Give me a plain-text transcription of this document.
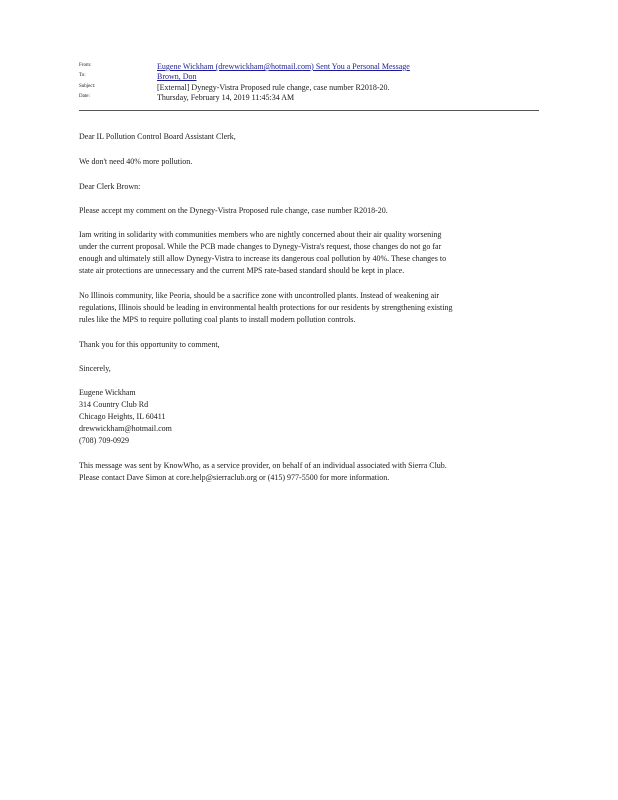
From:	Eugene Wickham (drewwickham@hotmail.com) Sent You a Personal Message
To:	Brown, Don
Subject:	[External] Dynegy-Vistra Proposed rule change, case number R2018-20.
Date:	Thursday, February 14, 2019 11:45:34 AM
Dear IL Pollution Control Board Assistant Clerk,
We don't need 40% more pollution.
Dear Clerk Brown:
Please accept my comment on the Dynegy-Vistra Proposed rule change, case number R2018-20.
Iam writing in solidarity with communities members who are nightly concerned about their air quality worsening
under the current proposal. While the PCB made changes to Dynegy-Vistra's request, those changes do not go far
enough and ultimately still allow Dynegy-Vistra to increase its dangerous coal pollution by 40%. These changes to
state air protections are unnecessary and the current MPS rate-based standard should be kept in place.
No Illinois community, like Peoria, should be a sacrifice zone with uncontrolled plants. Instead of weakening air
regulations, Illinois should be leading in environmental health protections for our residents by strengthening existing
rules like the MPS to require polluting coal plants to install modern pollution controls.
Thank you for this opportunity to comment,
Sincerely,
Eugene Wickham
314 Country Club Rd
Chicago Heights, IL 60411
drewwickham@hotmail.com
(708) 709-0929
This message was sent by KnowWho, as a service provider, on behalf of an individual associated with Sierra Club.
Please contact Dave Simon at core.help@sierraclub.org or (415) 977-5500 for more information.
